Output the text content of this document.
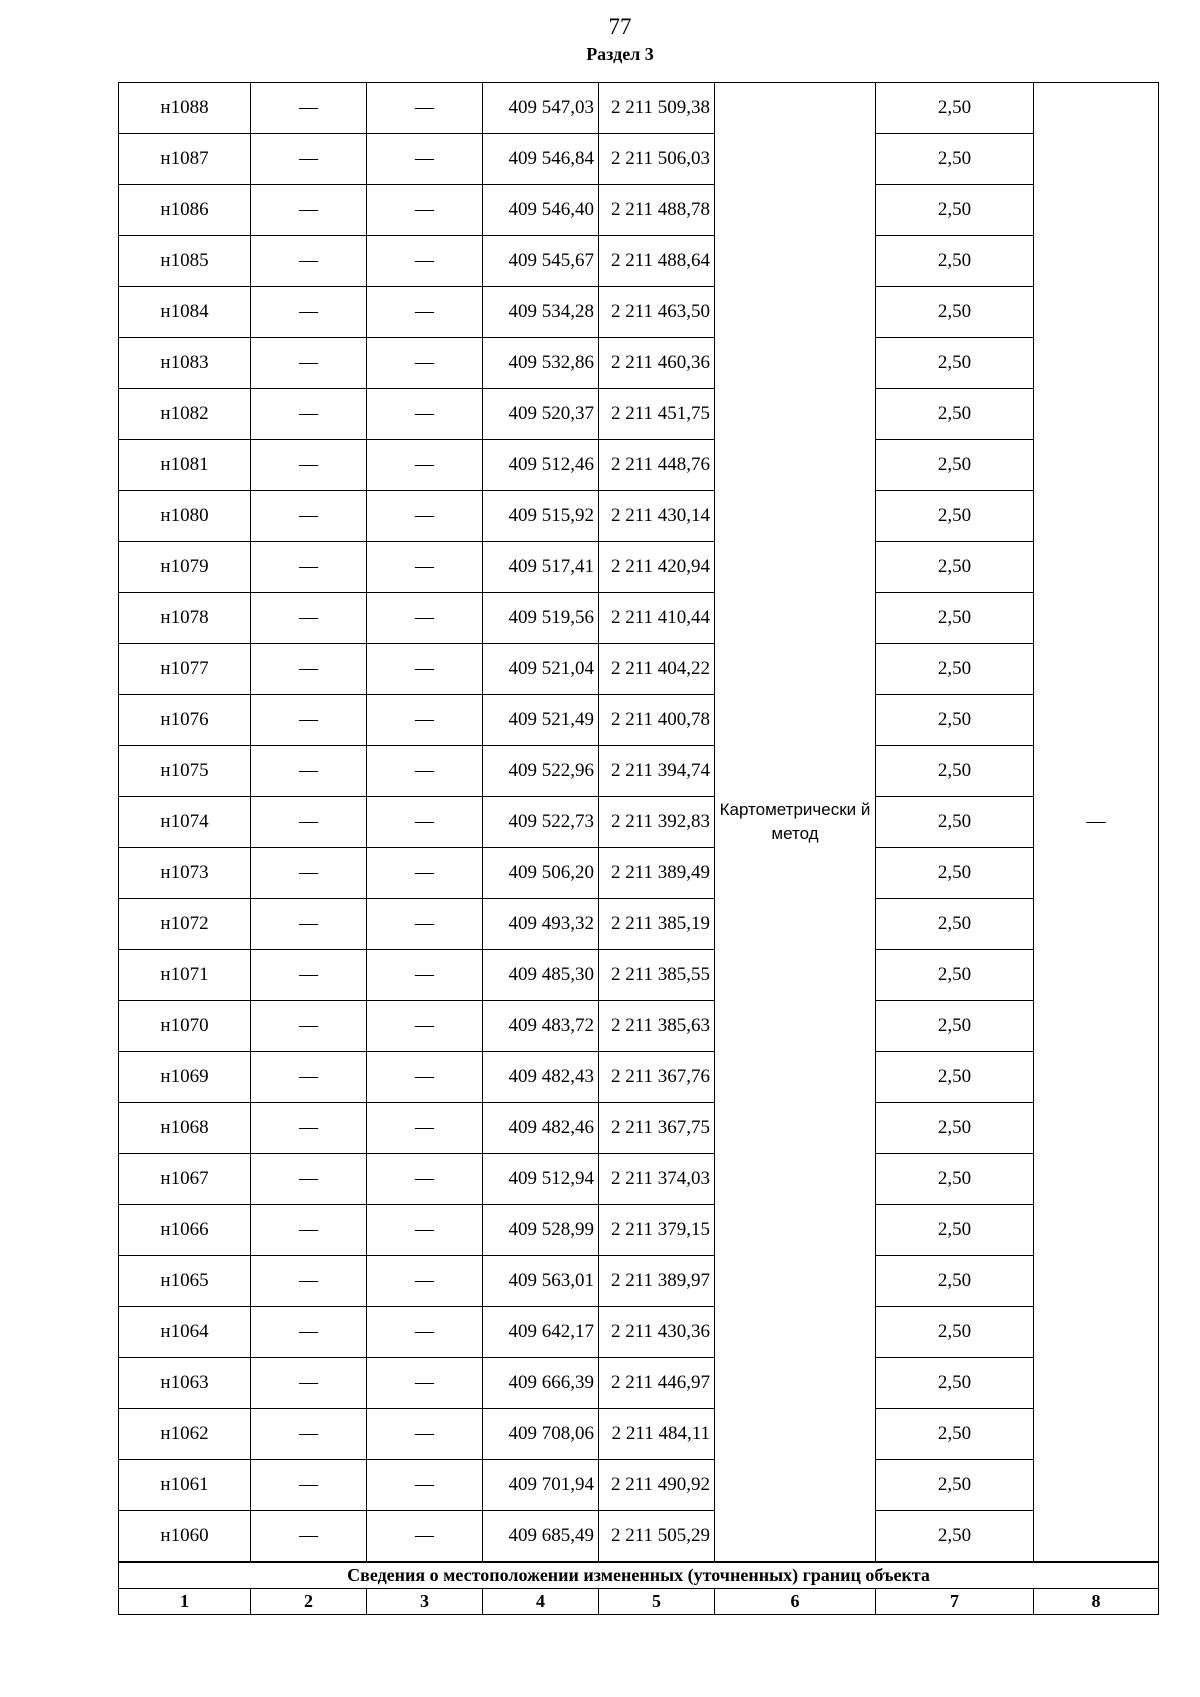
77
Раздел 3
н1088	—	—	409 547,03	2 211 509,38	Картометрически й метод	2,50	—
н1087	—	—	409 546,84	2 211 506,03		2,50	
н1086	—	—	409 546,40	2 211 488,78		2,50	
н1085	—	—	409 545,67	2 211 488,64		2,50	
н1084	—	—	409 534,28	2 211 463,50		2,50	
н1083	—	—	409 532,86	2 211 460,36		2,50	
н1082	—	—	409 520,37	2 211 451,75		2,50	
н1081	—	—	409 512,46	2 211 448,76		2,50	
н1080	—	—	409 515,92	2 211 430,14		2,50	
н1079	—	—	409 517,41	2 211 420,94		2,50	
н1078	—	—	409 519,56	2 211 410,44		2,50	
н1077	—	—	409 521,04	2 211 404,22		2,50	
н1076	—	—	409 521,49	2 211 400,78		2,50	
н1075	—	—	409 522,96	2 211 394,74		2,50	
н1074	—	—	409 522,73	2 211 392,83		2,50	
н1073	—	—	409 506,20	2 211 389,49		2,50	
н1072	—	—	409 493,32	2 211 385,19		2,50	
н1071	—	—	409 485,30	2 211 385,55		2,50	
н1070	—	—	409 483,72	2 211 385,63		2,50	
н1069	—	—	409 482,43	2 211 367,76		2,50	
н1068	—	—	409 482,46	2 211 367,75		2,50	
н1067	—	—	409 512,94	2 211 374,03		2,50	
н1066	—	—	409 528,99	2 211 379,15		2,50	
н1065	—	—	409 563,01	2 211 389,97		2,50	
н1064	—	—	409 642,17	2 211 430,36		2,50	
н1063	—	—	409 666,39	2 211 446,97		2,50	
н1062	—	—	409 708,06	2 211 484,11		2,50	
н1061	—	—	409 701,94	2 211 490,92		2,50	
н1060	—	—	409 685,49	2 211 505,29		2,50	
Сведения о местоположении измененных (уточненных) границ объекта							
1	2	3	4	5	6	7	8
